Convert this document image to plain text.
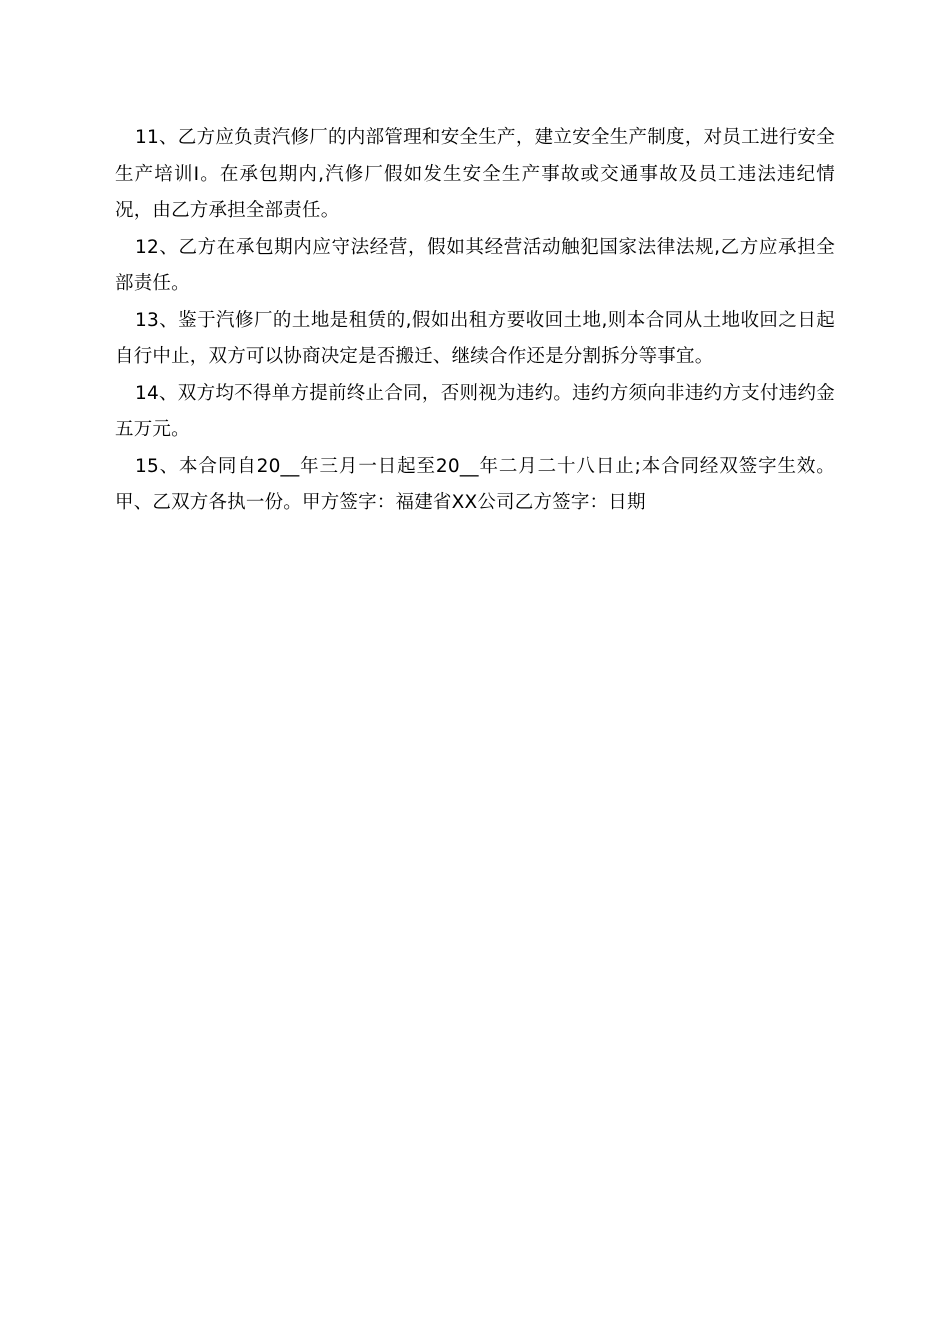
11、乙方应负责汽修厂的内部管理和安全生产，建立安全生产制度，对员工进行安全生产培训I。在承包期内,汽修厂假如发生安全生产事故或交通事故及员工违法违纪情况，由乙方承担全部责任。

12、乙方在承包期内应守法经营，假如其经营活动触犯国家法律法规,乙方应承担全部责任。

13、鉴于汽修厂的土地是租赁的,假如出租方要收回土地,则本合同从土地收回之日起自行中止，双方可以协商决定是否搬迁、继续合作还是分割拆分等事宜。

14、双方均不得单方提前终止合同，否则视为违约。违约方须向非违约方支付违约金五万元。

15、本合同自20__年三月一日起至20__年二月二十八日止;本合同经双签字生效。甲、乙双方各执一份。甲方签字：福建省XX公司乙方签字：日期
